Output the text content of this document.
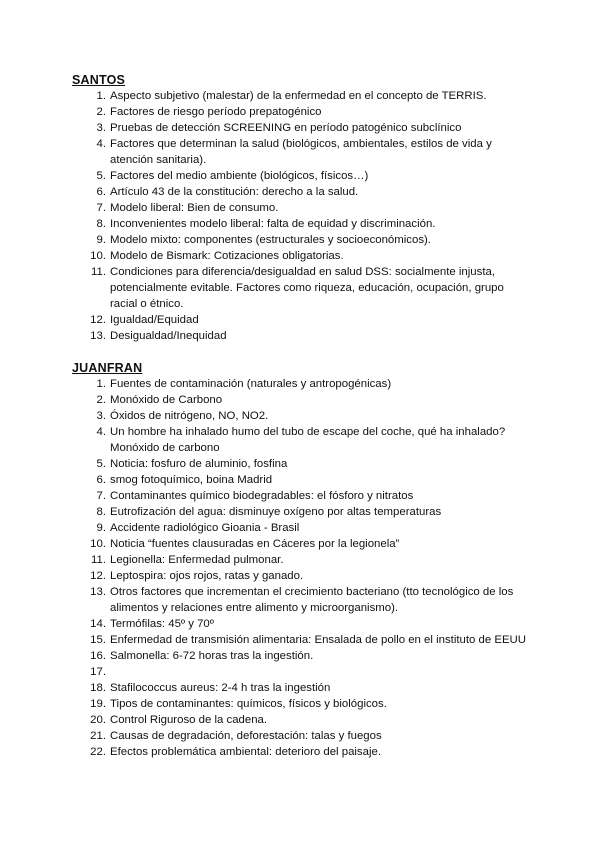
SANTOS
1. Aspecto subjetivo (malestar) de la enfermedad en el concepto de TERRIS.
2. Factores de riesgo período prepatogénico
3. Pruebas de detección SCREENING en período patogénico subclínico
4. Factores que determinan la salud (biológicos, ambientales, estilos de vida y atención sanitaria).
5. Factores del medio ambiente (biológicos, físicos…)
6. Artículo 43 de la constitución: derecho a la salud.
7. Modelo liberal: Bien de consumo.
8. Inconvenientes modelo liberal: falta de equidad y discriminación.
9. Modelo mixto: componentes (estructurales y socioeconómicos).
10. Modelo de Bismark: Cotizaciones obligatorias.
11. Condiciones para diferencia/desigualdad en salud DSS: socialmente injusta, potencialmente evitable. Factores como riqueza, educación, ocupación, grupo racial o étnico.
12. Igualdad/Equidad
13. Desigualdad/Inequidad
JUANFRAN
1. Fuentes de contaminación (naturales y antropogénicas)
2. Monóxido de Carbono
3. Óxidos de nitrógeno, NO, NO2.
4. Un hombre ha inhalado humo del tubo de escape del coche, qué ha inhalado? Monóxido de carbono
5. Noticia: fosfuro de aluminio, fosfina
6. smog fotoquímico, boina Madrid
7. Contaminantes químico biodegradables: el fósforo y nitratos
8. Eutrofización del agua: disminuye oxígeno por altas temperaturas
9. Accidente radiológico Gioania - Brasil
10. Noticia “fuentes clausuradas en Cáceres por la legionela”
11. Legionella: Enfermedad pulmonar.
12. Leptospira: ojos rojos, ratas y ganado.
13. Otros factores que incrementan el crecimiento bacteriano (tto tecnológico de los alimentos y relaciones entre alimento y microorganismo).
14. Termófilas: 45º y 70º
15. Enfermedad de transmisión alimentaria: Ensalada de pollo en el instituto de EEUU
16. Salmonella: 6-72 horas tras la ingestión.
17.

18. Stafilococcus aureus: 2-4 h tras la ingestión
19. Tipos de contaminantes: químicos, físicos y biológicos.
20. Control Riguroso de la cadena.
21. Causas de degradación, deforestación: talas y fuegos
22. Efectos problemática ambiental: deterioro del paisaje.
